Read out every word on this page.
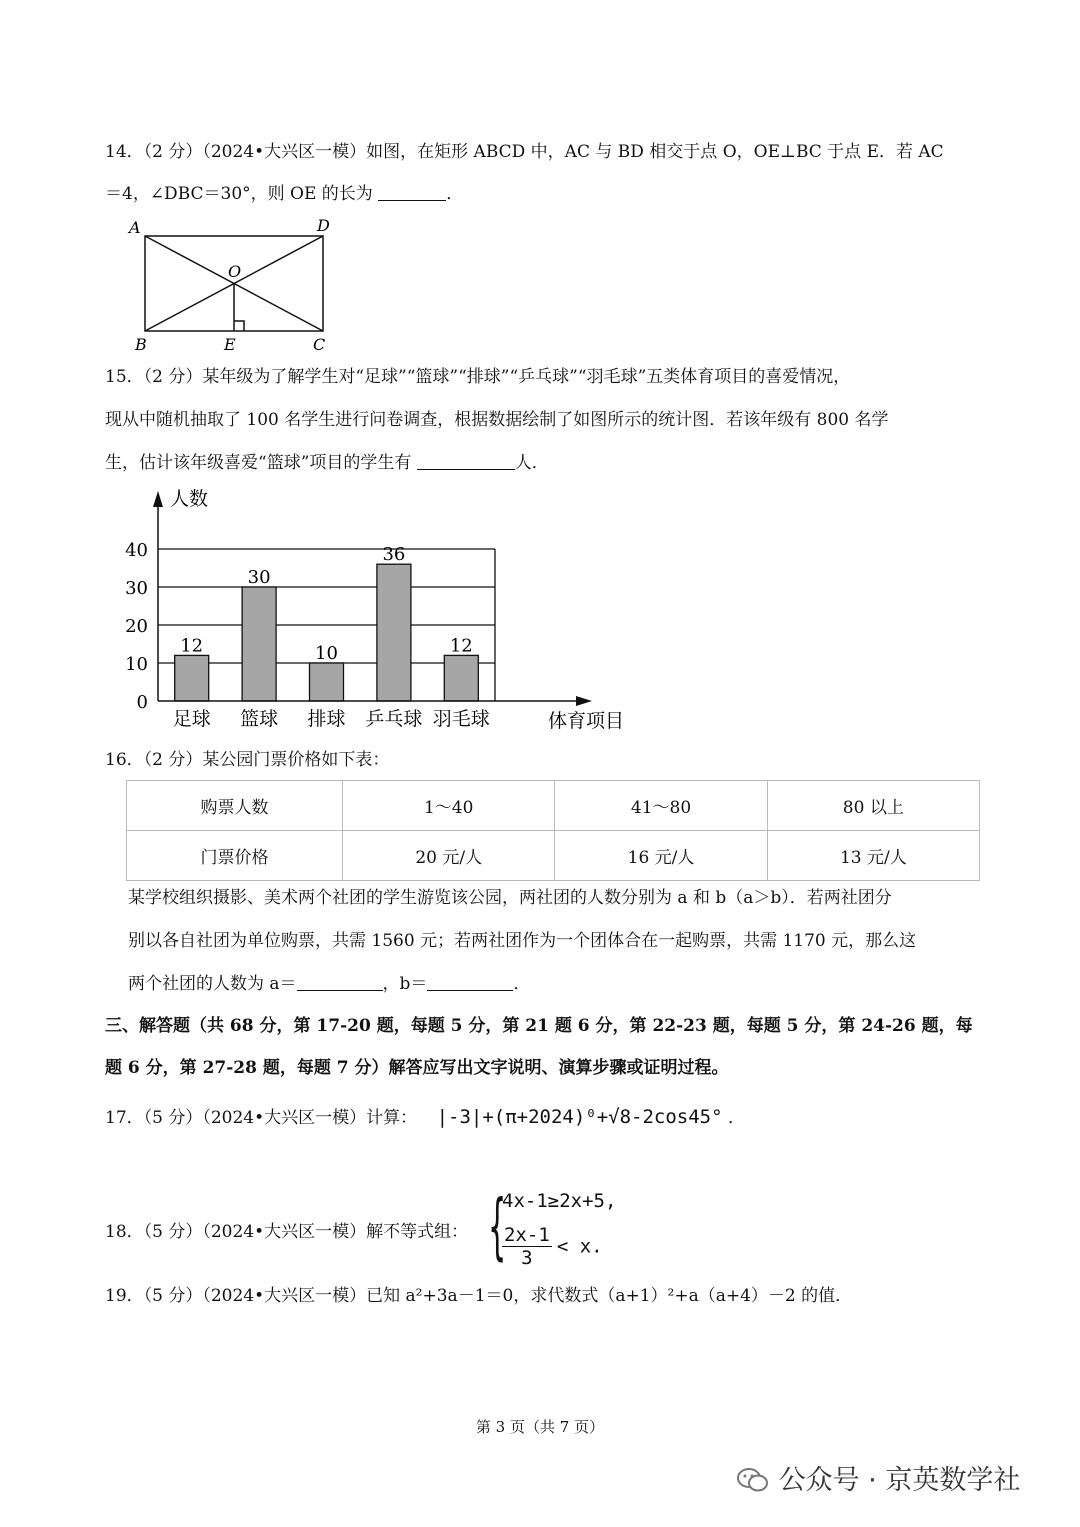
14．（2 分）（2024•大兴区一模）如图，在矩形 ABCD 中，AC 与 BD 相交于点 O，OE⊥BC 于点 E．若 AC
＝4，∠DBC＝30°，则 OE 的长为	．
A	D
O
B	E	C
15．（2 分）某年级为了解学生对“足球”“篮球”“排球”“乒乓球”“羽毛球”五类体育项目的喜爱情况，
现从中随机抽取了 100 名学生进行问卷调查，根据数据绘制了如图所示的统计图．若该年级有 800 名学
生，估计该年级喜爱“篮球”项目的学生有	人．
0
10
20
30
40
12
足球
30
篮球
10
排球
36
乒乓球
12
羽毛球
人数
体育项目
16．（2 分）某公园门票价格如下表：
购票人数	1～40	41～80	80 以上
门票价格	20 元/人	16 元/人	13 元/人
某学校组织摄影、美术两个社团的学生游览该公园，两社团的人数分别为 a 和 b（a＞b）．若两社团分
别以各自社团为单位购票，共需 1560 元；若两社团作为一个团体合在一起购票，共需 1170 元，那么这
两个社团的人数为 a＝	，b＝	．
三、解答题（共 68 分，第 17-20 题，每题 5 分，第 21 题 6 分，第 22-23 题，每题 5 分，第 24-26 题，每
题 6 分，第 27-28 题，每题 7 分）解答应写出文字说明、演算步骤或证明过程。
17．（5 分）（2024•大兴区一模）计算： |-3|+(π+2024)⁰+√8-2cos45° ．
18．（5 分）（2024•大兴区一模）解不等式组： {
4x-1≥2x+5,
$\frac{2x-1}{3} < x$.
19．（5 分）（2024•大兴区一模）已知 a²+3a－1＝0，求代数式（a+1）²+a（a+4）－2 的值．
第 3 页（共 7 页）
公众号 · 京英数学社
